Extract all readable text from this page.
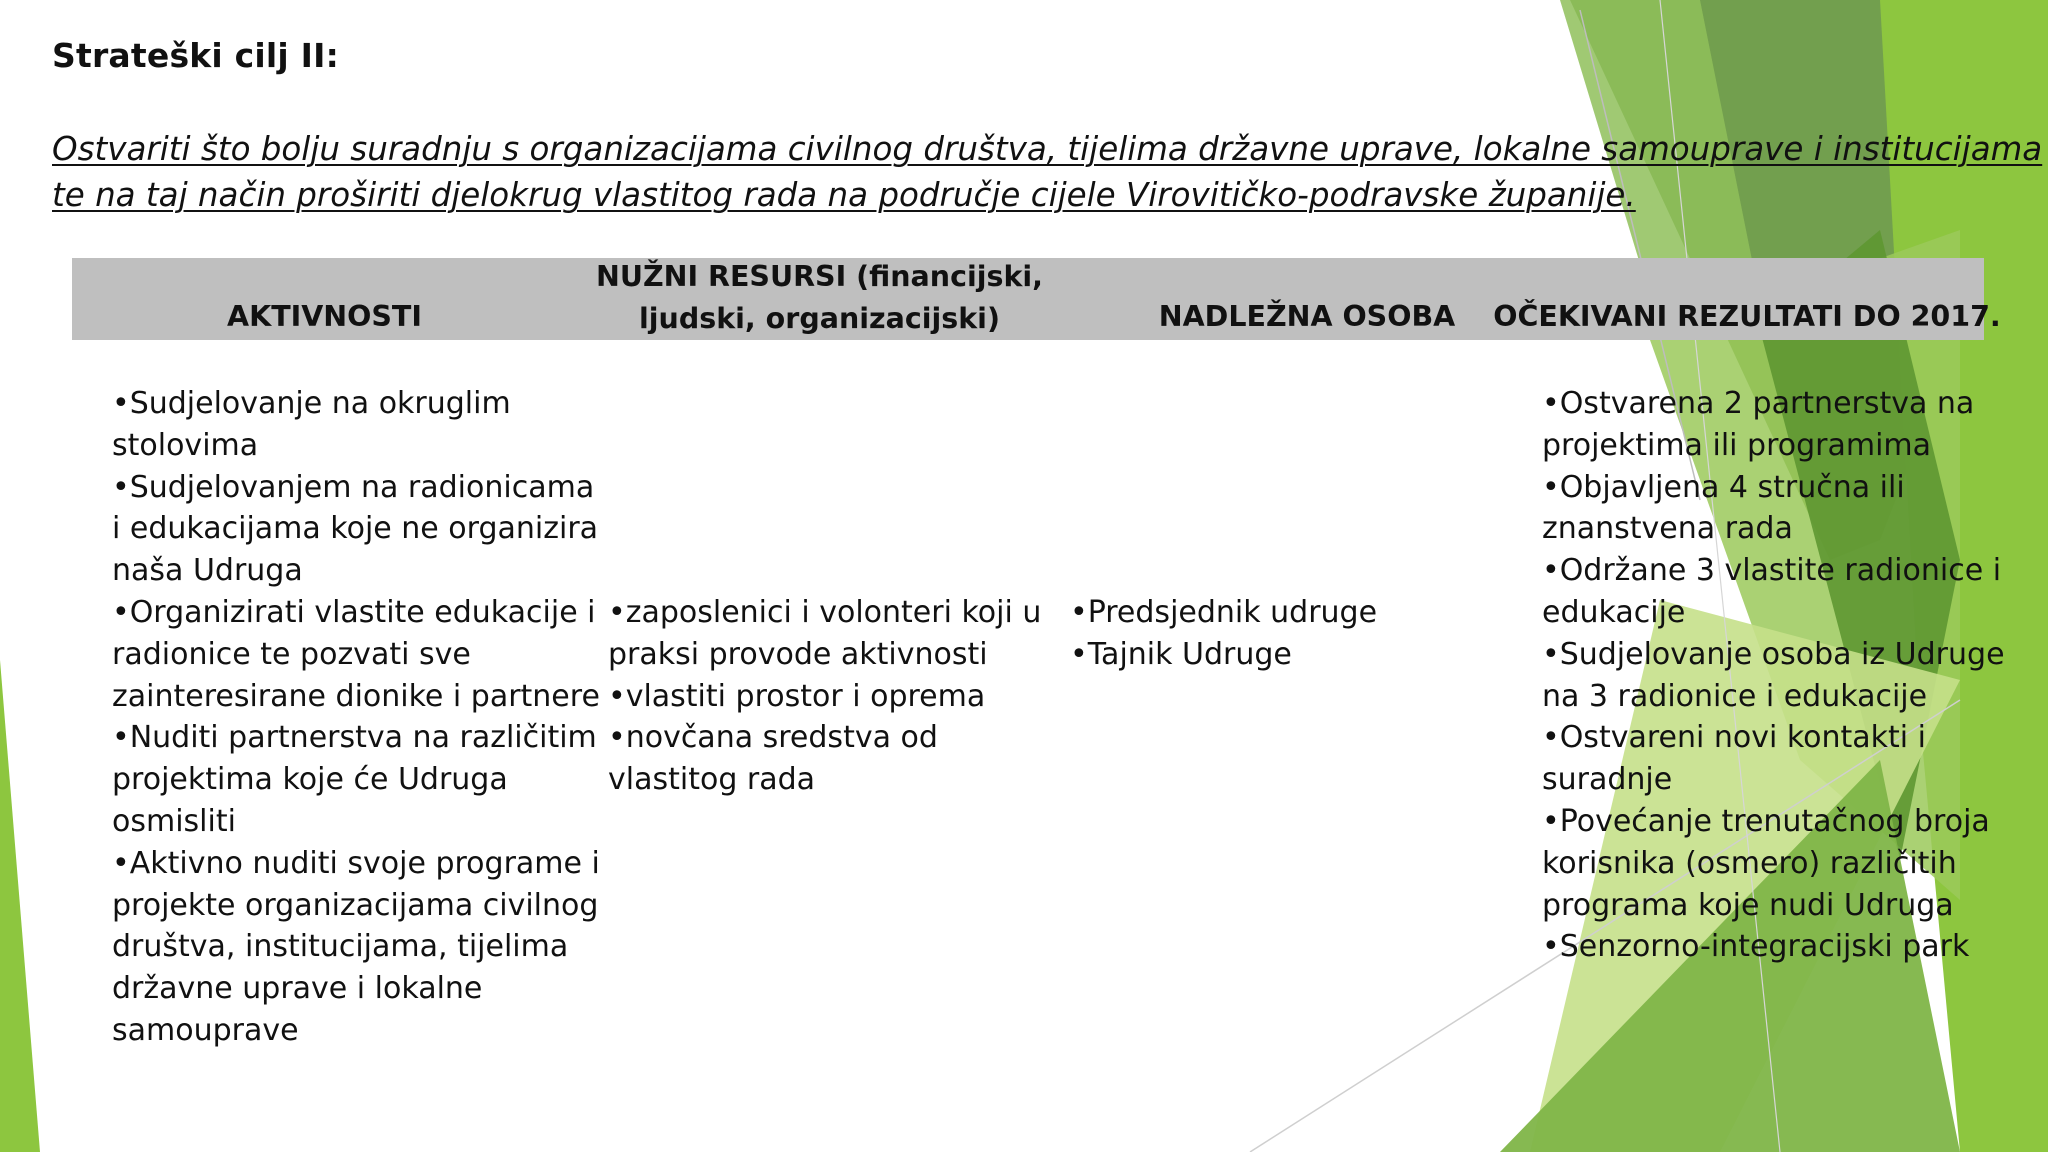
Strateški cilj II:
Ostvariti što bolju suradnju s organizacijama civilnog društva, tijelima državne uprave, lokalne samouprave i institucijama
te na taj način proširiti djelokrug vlastitog rada na područje cijele Virovitičko-podravske županije.
AKTIVNOSTI
NUŽNI RESURSI (financijski,
ljudski, organizacijski)	NADLEŽNA OSOBA	OČEKIVANI REZULTATI DO 2017.
•Sudjelovanje na okruglim
stolovima
•Sudjelovanjem na radionicama
i edukacijama koje ne organizira
naša Udruga
•Organizirati vlastite edukacije i
radionice te pozvati sve
zainteresirane dionike i partnere
•Nuditi partnerstva na različitim
projektima koje će Udruga
osmisliti
•Aktivno nuditi svoje programe i
projekte organizacijama civilnog
društva, institucijama, tijelima
državne uprave i lokalne
samouprave
•zaposlenici i volonteri koji u
praksi provode aktivnosti
•vlastiti prostor i oprema
•novčana sredstva od
vlastitog rada
•Predsjednik udruge
•Tajnik Udruge
•Ostvarena 2 partnerstva na
projektima ili programima
•Objavljena 4 stručna ili
znanstvena rada
•Održane 3 vlastite radionice i
edukacije
•Sudjelovanje osoba iz Udruge
na 3 radionice i edukacije
•Ostvareni novi kontakti i
suradnje
•Povećanje trenutačnog broja
korisnika (osmero) različitih
programa koje nudi Udruga
•Senzorno-integracijski park
